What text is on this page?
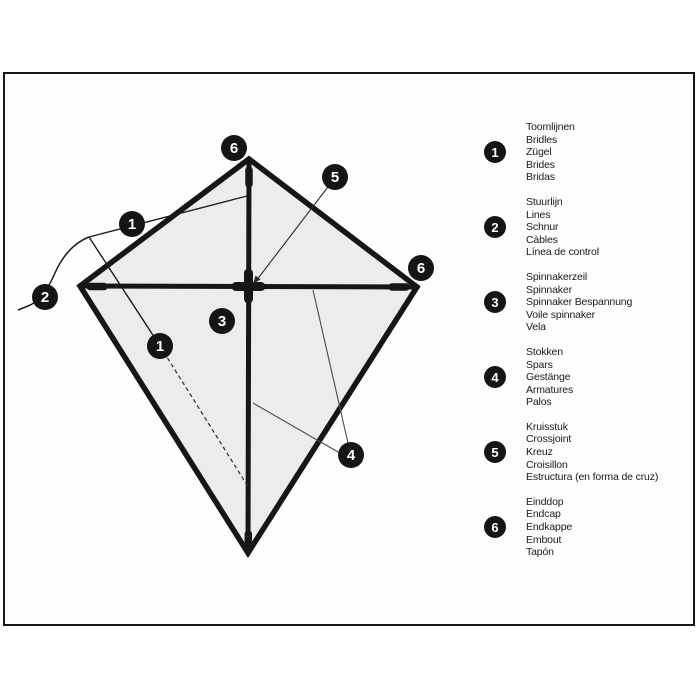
6
5
1
2
6
3
1
4
1
Toomlijnen
Bridles
Zügel
Brides
Bridas
2
Stuurlijn
Lines
Schnur
Càbles
Línea de control
3
Spinnakerzeil
Spinnaker
Spinnaker Bespannung
Voile spinnaker
Vela
4
Stokken
Spars
Gestänge
Armatures
Palos
5
Kruisstuk
Crossjoint
Kreuz
Croisillon
Estructura (en forma de cruz)
6
Einddop
Endcap
Endkappe
Embout
Tapón
